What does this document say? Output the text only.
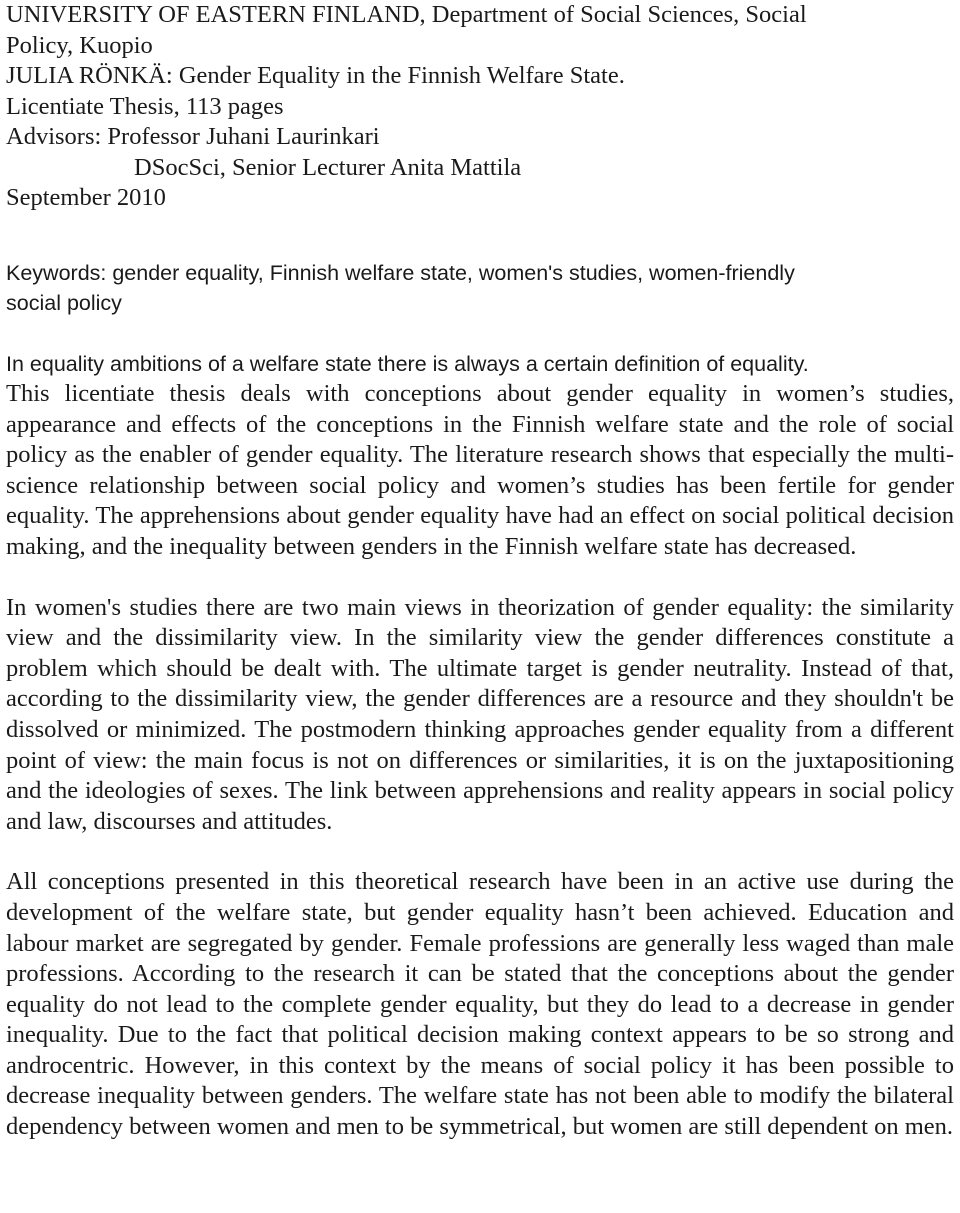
UNIVERSITY OF EASTERN FINLAND, Department of Social Sciences, Social
Policy, Kuopio
JULIA RÖNKÄ: Gender Equality in the Finnish Welfare State.
Licentiate Thesis, 113 pages
Advisors: Professor Juhani Laurinkari
DSocSci, Senior Lecturer Anita Mattila
September 2010
Keywords: gender equality, Finnish welfare state, women's studies, women-friendly
social policy
In equality ambitions of a welfare state there is always a certain definition of equality.

This licentiate thesis deals with conceptions about gender equality in women’s studies, appearance and effects of the conceptions in the Finnish welfare state and the role of social policy as the enabler of gender equality. The literature research shows that especially the multi-science relationship between social policy and women’s studies has been fertile for gender equality. The apprehensions about gender equality have had an effect on social political decision making, and the inequality between genders in the Finnish welfare state has decreased.

In women's studies there are two main views in theorization of gender equality: the similarity view and the dissimilarity view. In the similarity view the gender differences constitute a problem which should be dealt with. The ultimate target is gender neutrality. Instead of that, according to the dissimilarity view, the gender differences are a resource and they shouldn't be dissolved or minimized. The postmodern thinking approaches gender equality from a different point of view: the main focus is not on differences or similarities, it is on the juxtapositioning and the ideologies of sexes. The link between apprehensions and reality appears in social policy and law, discourses and attitudes.

All conceptions presented in this theoretical research have been in an active use during the development of the welfare state, but gender equality hasn’t been achieved. Education and labour market are segregated by gender. Female professions are generally less waged than male professions. According to the research it can be stated that the conceptions about the gender equality do not lead to the complete gender equality, but they do lead to a decrease in gender inequality. Due to the fact that political decision making context appears to be so strong and androcentric. However, in this context by the means of social policy it has been possible to decrease inequality between genders. The welfare state has not been able to modify the bilateral dependency between women and men to be symmetrical, but women are still dependent on men.
